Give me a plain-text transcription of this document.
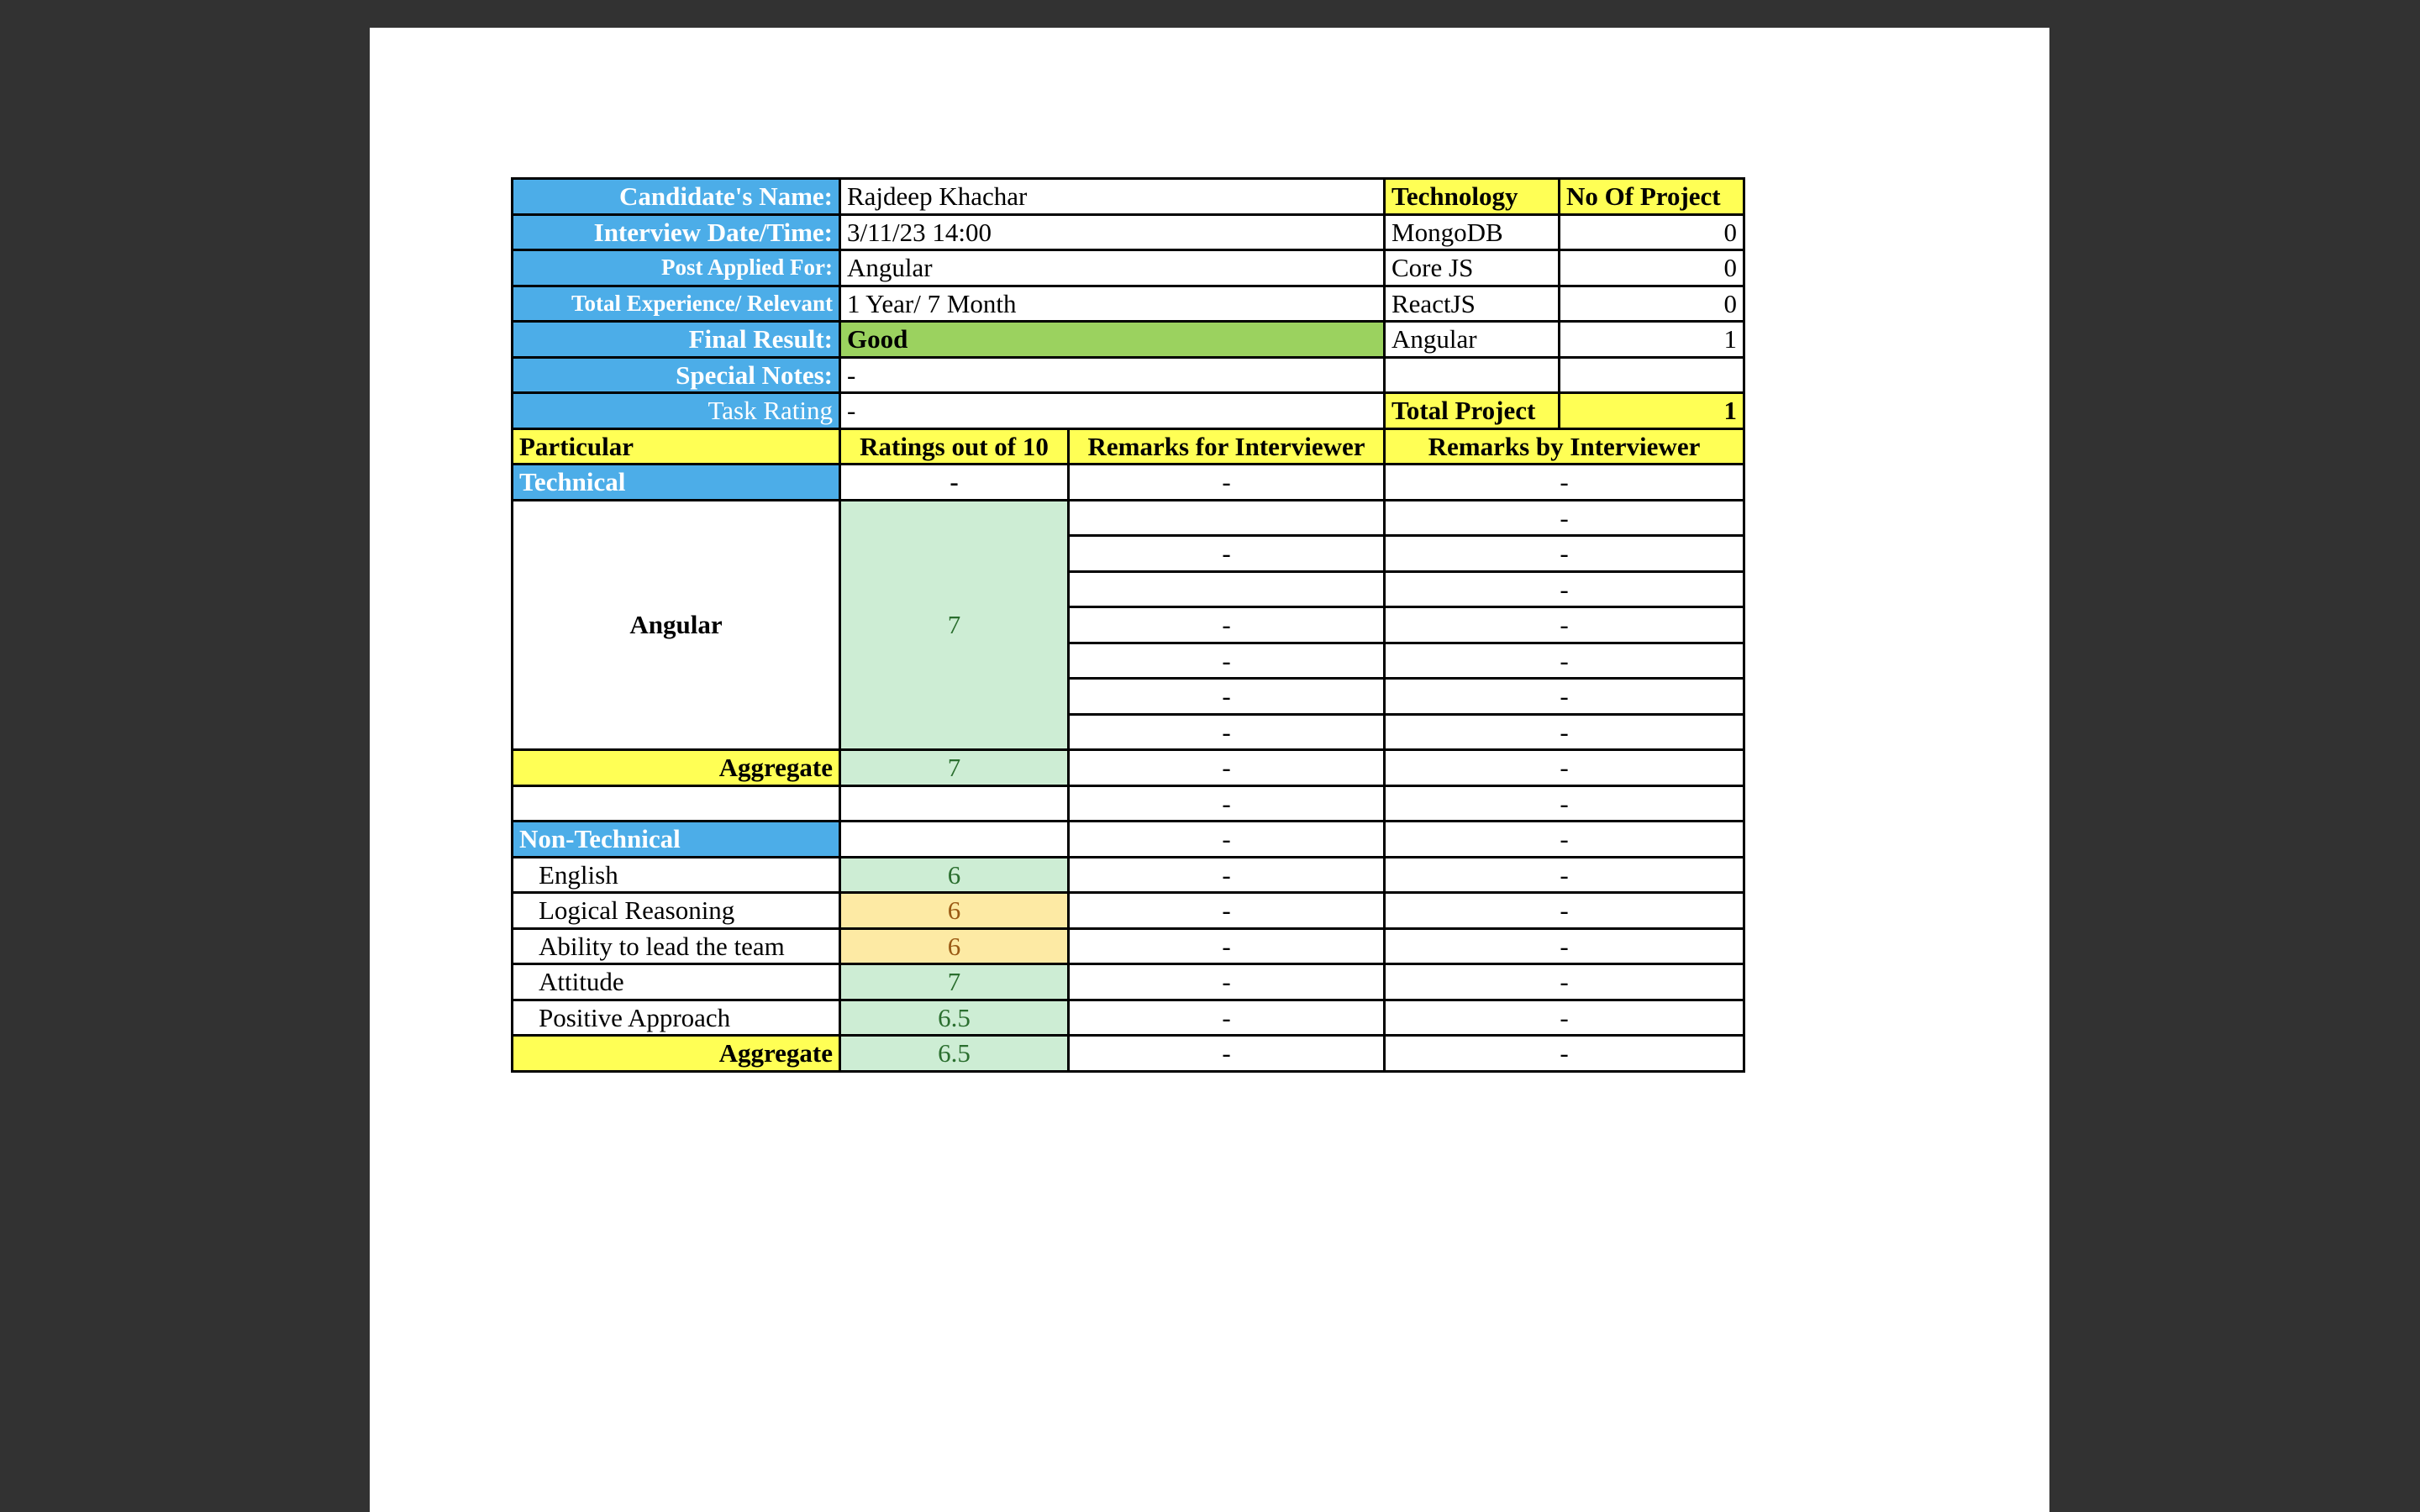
Candidate's Name:	Rajdeep Khachar		Technology	No Of Project
Interview Date/Time:	3/11/23 14:00		MongoDB	0
Post Applied For:	Angular		Core JS	0
Total Experience/ Relevant	1 Year/ 7 Month		ReactJS	0
Final Result:	Good		Angular	1
Special Notes:	-			
Task Rating	-		Total Project	1
Particular	Ratings out of 10	Remarks for Interviewer	Remarks by Interviewer	
Technical	-	-	-	
Angular	7		-	
		-	-	
			-	
		-	-	
		-	-	
		-	-	
		-	-	
Aggregate	7	-	-	
		-	-	
Non-Technical		-	-	
English	6	-	-	
Logical Reasoning	6	-	-	
Ability to lead the team	6	-	-	
Attitude	7	-	-	
Positive Approach	6.5	-	-	
Aggregate	6.5	-	-	
